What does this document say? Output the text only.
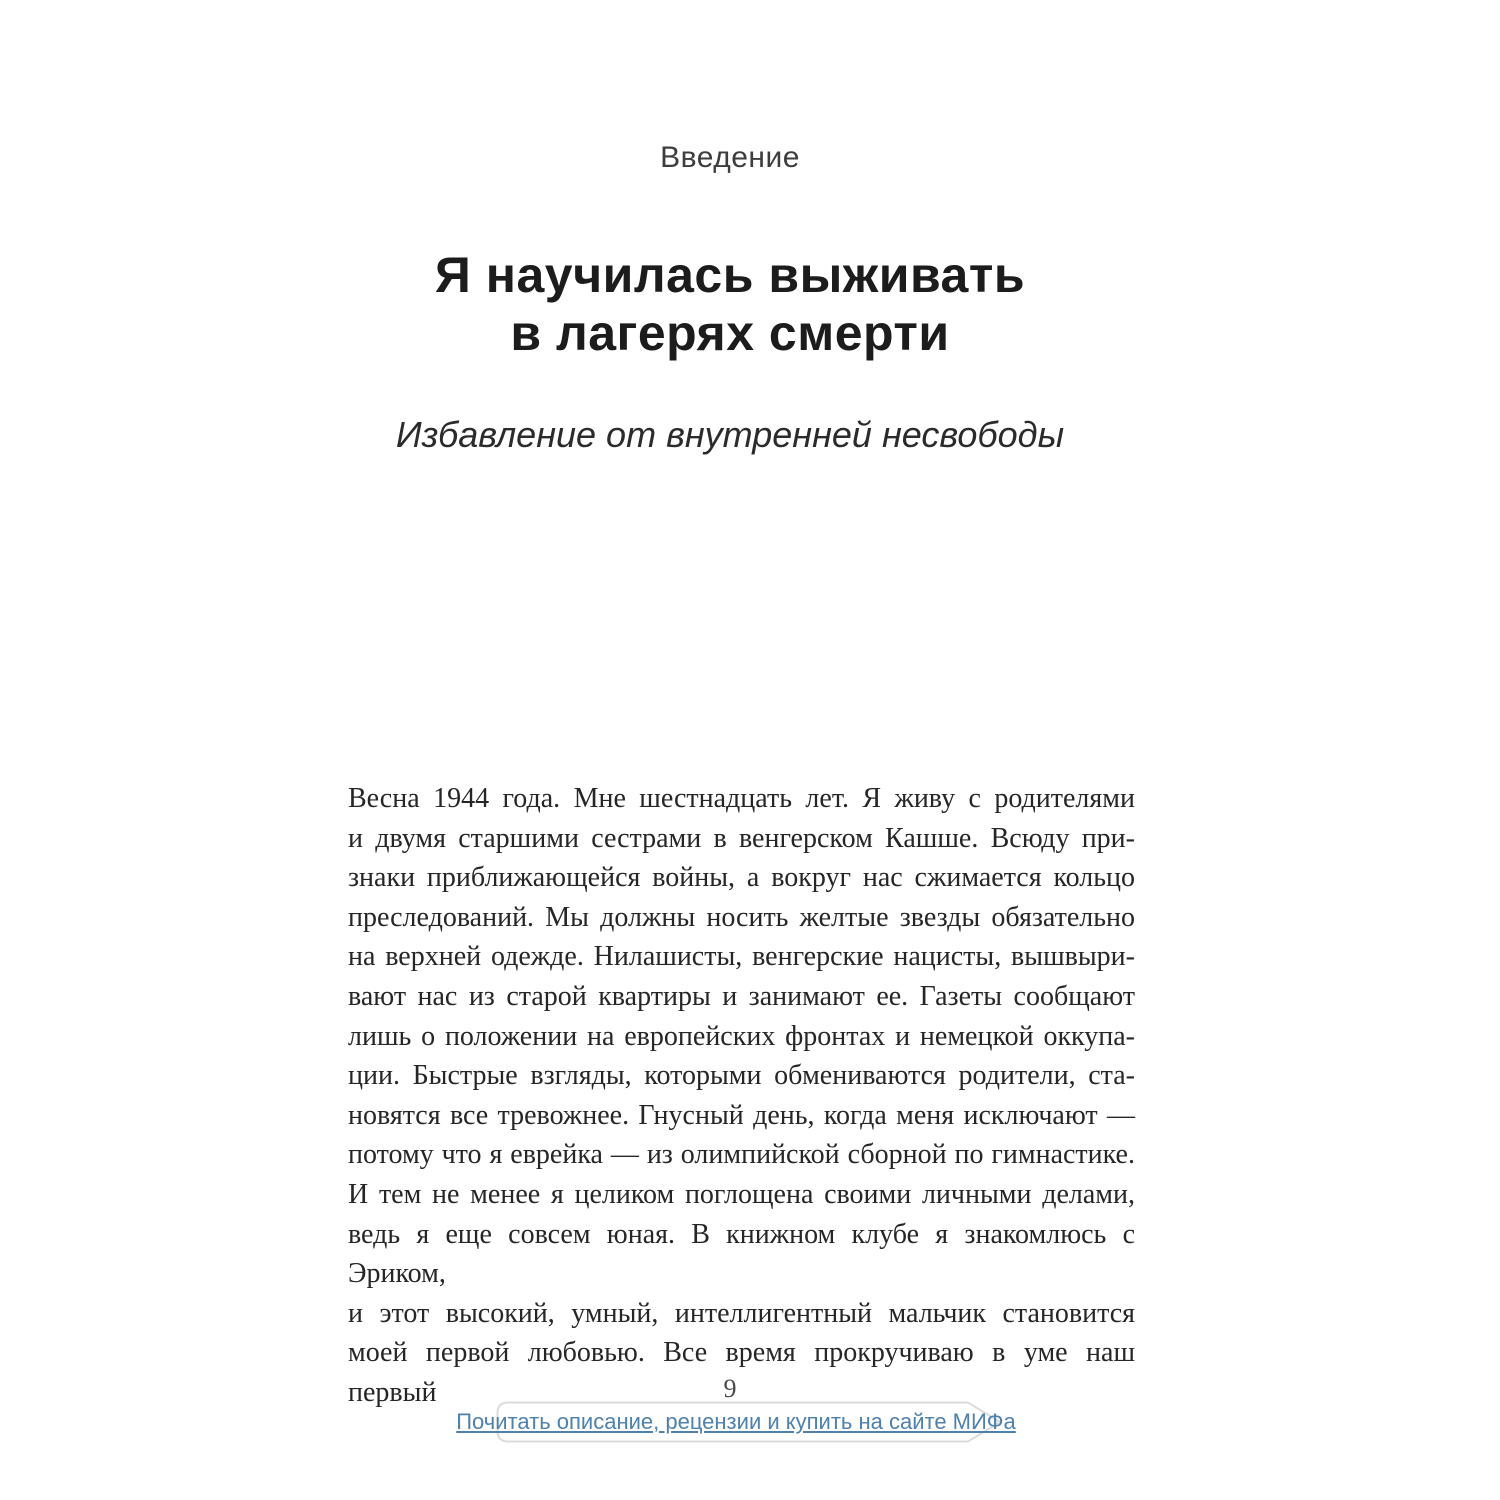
Введение
Я научилась выживать
в лагерях смерти
Избавление от внутренней несвободы
Весна 1944 года. Мне шестнадцать лет. Я живу с родителями
и двумя старшими сестрами в венгерском Кашше. Всюду при-
знаки приближающейся войны, а вокруг нас сжимается кольцо
преследований. Мы должны носить желтые звезды обязательно
на верхней одежде. Нилашисты, венгерские нацисты, вышвыри-
вают нас из старой квартиры и занимают ее. Газеты сообщают
лишь о положении на европейских фронтах и немецкой оккупа-
ции. Быстрые взгляды, которыми обмениваются родители, ста-
новятся все тревожнее. Гнусный день, когда меня исключают —
потому что я еврейка — из олимпийской сборной по гимнастике.
И тем не менее я целиком поглощена своими личными делами,
ведь я еще совсем юная. В книжном клубе я знакомлюсь с Эриком,
и этот высокий, умный, интеллигентный мальчик становится
моей первой любовью. Все время прокручиваю в уме наш первый	9
Почитать описание, рецензии и купить на сайте МИФа
